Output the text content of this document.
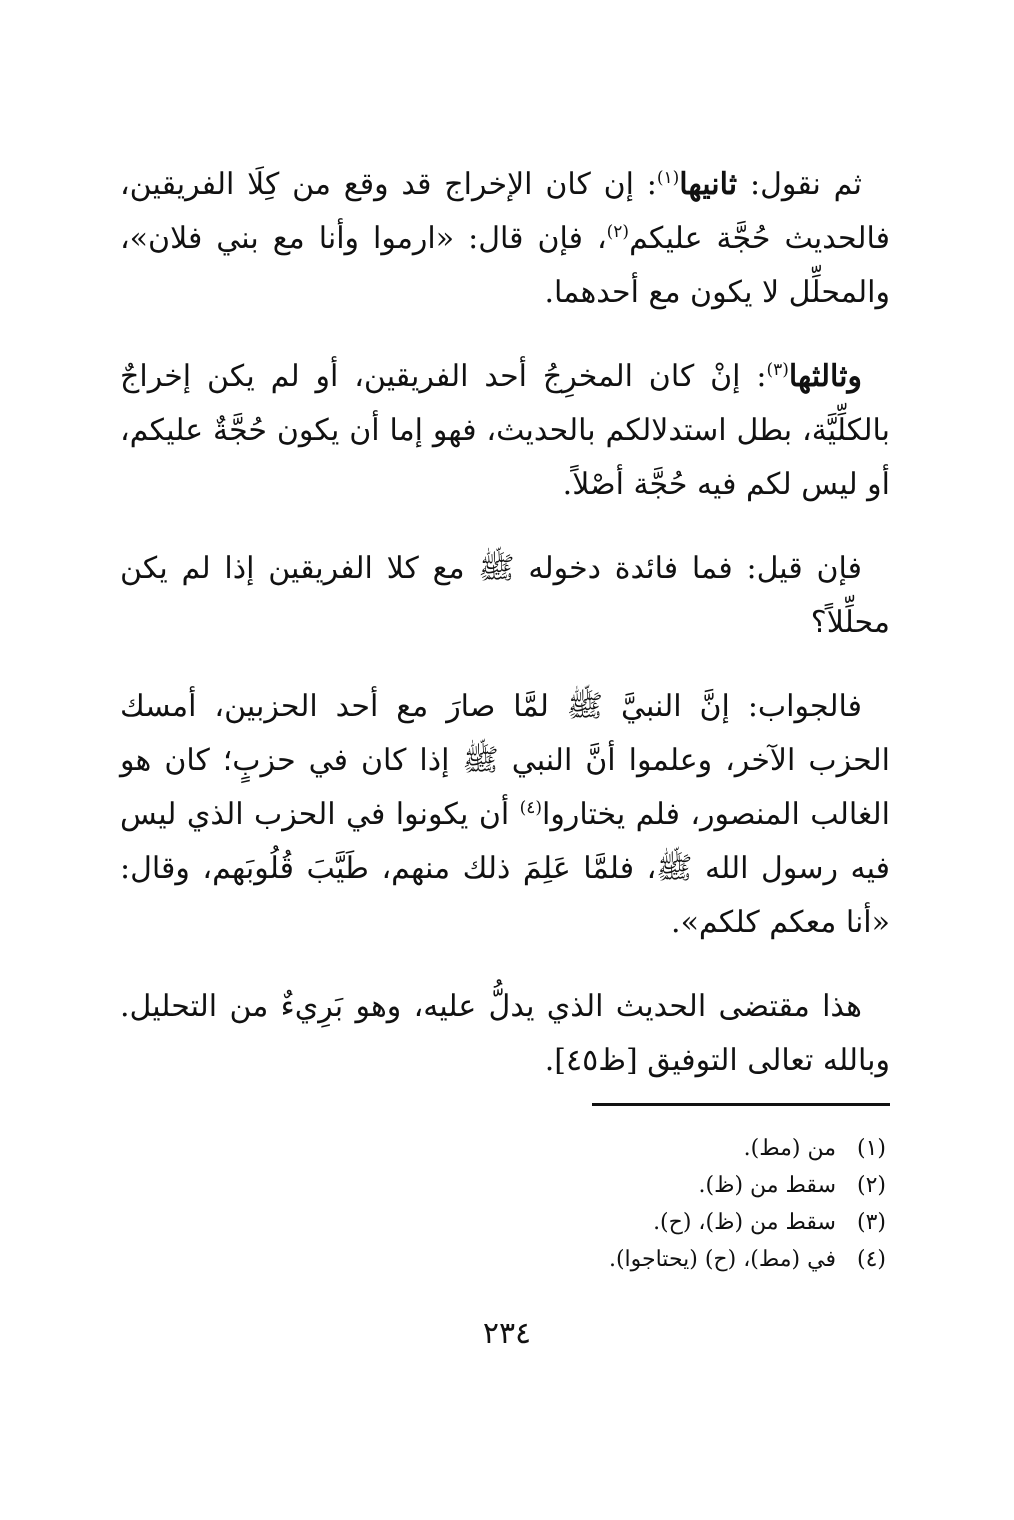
ثم نقول: ثانيها$^{(١)}$: إن كان الإخراج قد وقع من كِلَا الفريقين، فالحديث حُجَّة عليكم$^{(٢)}$، فإن قال: «ارموا وأنا مع بني فلان»، والمحلِّل لا يكون مع أحدهما.

وثالثها$^{(٣)}$: إنْ كان المخرِجُ أحد الفريقين، أو لم يكن إخراجٌ بالكلِّيَّة، بطل استدلالكم بالحديث، فهو إما أن يكون حُجَّةٌ عليكم، أو ليس لكم فيه حُجَّة أصْلاً.

فإن قيل: فما فائدة دخوله ﷺ مع كلا الفريقين إذا لم يكن محلِّلاً؟

فالجواب: إنَّ النبيَّ ﷺ لمَّا صارَ مع أحد الحزبين، أمسك الحزب الآخر، وعلموا أنَّ النبي ﷺ إذا كان في حزبٍ؛ كان هو الغالب المنصور، فلم يختاروا$^{(٤)}$ أن يكونوا في الحزب الذي ليس فيه رسول الله ﷺ، فلمَّا عَلِمَ ذلك منهم، طَيَّبَ قُلُوبَهم، وقال: «أنا معكم كلكم».

هذا مقتضى الحديث الذي يدلُّ عليه، وهو بَرِيءٌ من التحليل. وبالله تعالى التوفيق [ظ٤٥].

(١)من (مط).
(٢)سقط من (ظ).
(٣)سقط من (ظ)، (ح).
(٤)في (مط)، (ح) (يحتاجوا).
٢٣٤
